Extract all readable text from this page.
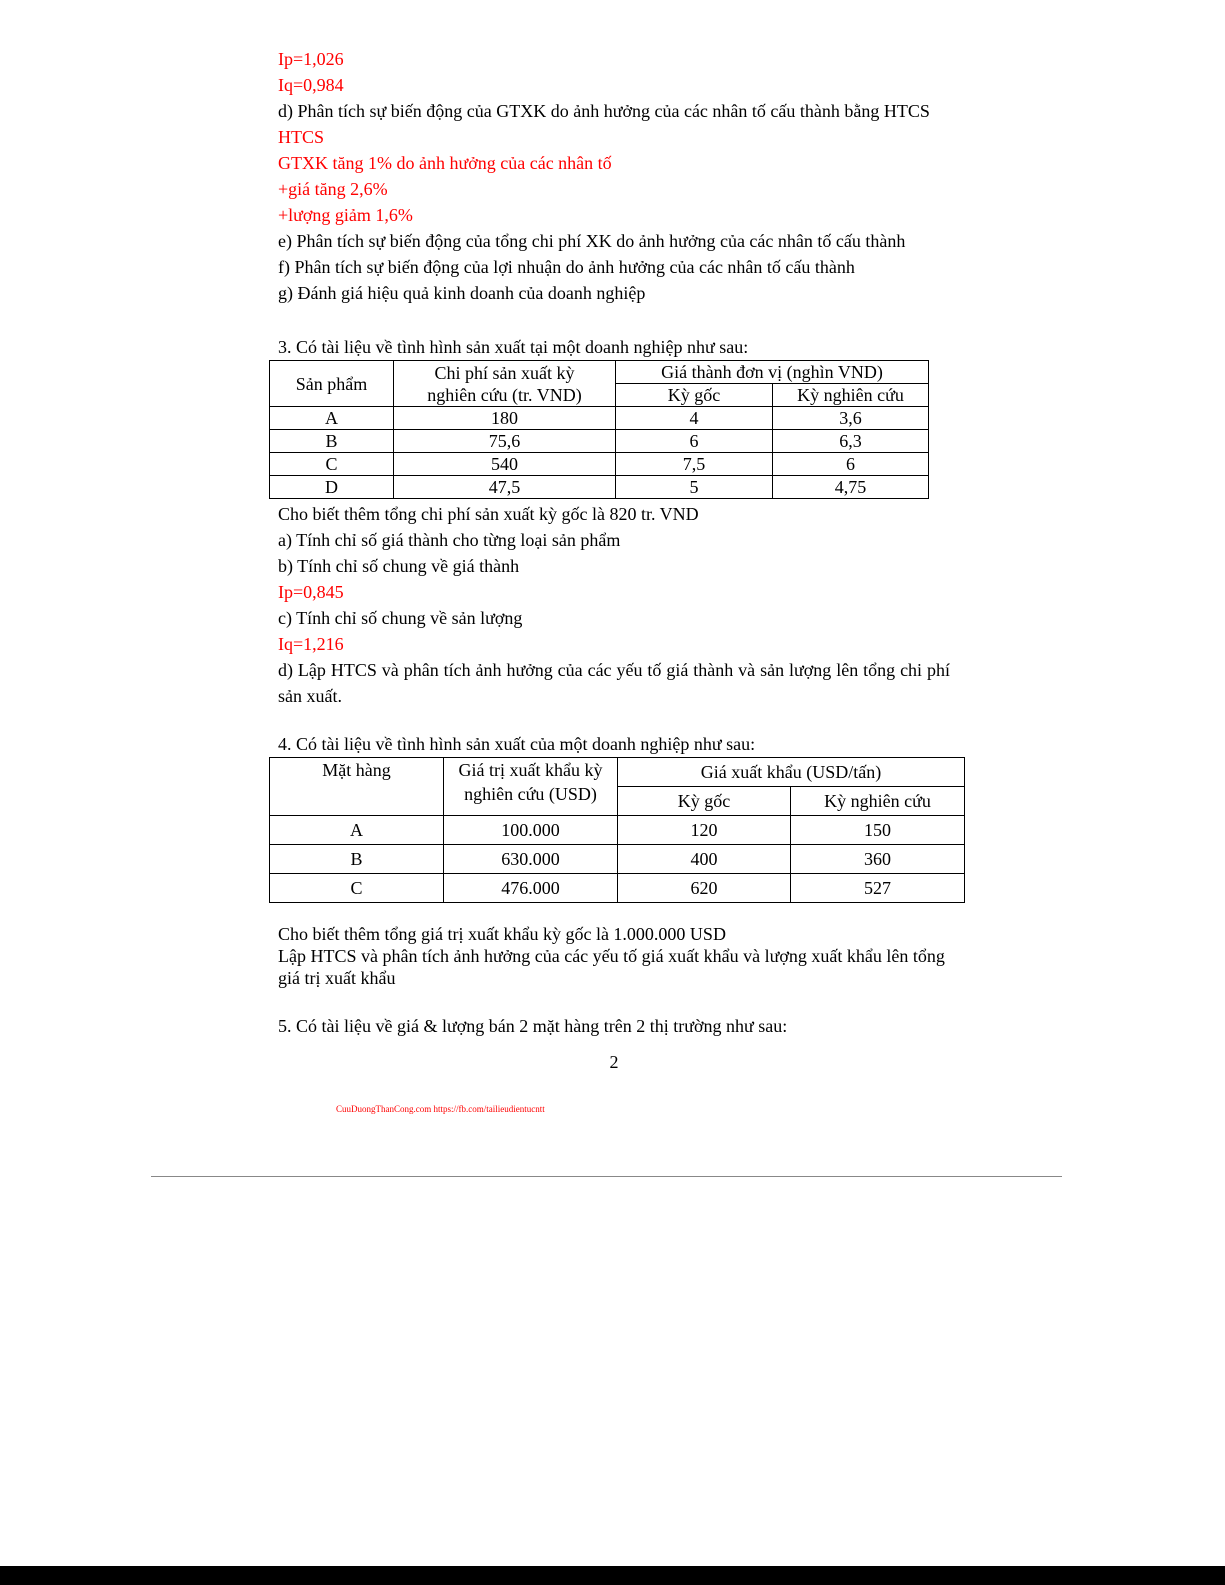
Ip=1,026
Iq=0,984
d) Phân tích sự biến động của GTXK do ảnh hưởng của các nhân tố cấu thành bằng HTCS
HTCS
GTXK tăng 1% do ảnh hưởng của các nhân tố
+giá tăng 2,6%
+lượng giảm 1,6%
e) Phân tích sự biến động của tổng chi phí XK do ảnh hưởng của các nhân tố cấu thành
f) Phân tích sự biến động của lợi nhuận do ảnh hưởng của các nhân tố cấu thành
g) Đánh giá hiệu quả kinh doanh của doanh nghiệp
3. Có tài liệu về tình hình sản xuất tại một doanh nghiệp như sau:
Sản phẩm	Chi phí sản xuất kỳ nghiên cứu (tr. VND)	Giá thành đơn vị (nghìn VND)	
		Kỳ gốc	Kỳ nghiên cứu
A	180	4	3,6
B	75,6	6	6,3
C	540	7,5	6
D	47,5	5	4,75
Cho biết thêm tổng chi phí sản xuất kỳ gốc là 820 tr. VND
a) Tính chỉ số giá thành cho từng loại sản phẩm
b) Tính chỉ số chung về giá thành
Ip=0,845
c) Tính chỉ số chung về sản lượng
Iq=1,216
d) Lập HTCS và phân tích ảnh hưởng của các yếu tố giá thành và sản lượng lên tổng chi phí sản xuất.
4. Có tài liệu về tình hình sản xuất của một doanh nghiệp như sau:
Mặt hàng	Giá trị xuất khẩu kỳ nghiên cứu (USD)	Giá xuất khẩu (USD/tấn)	
		Kỳ gốc	Kỳ nghiên cứu
A	100.000	120	150
B	630.000	400	360
C	476.000	620	527
Cho biết thêm tổng giá trị xuất khẩu kỳ gốc là 1.000.000 USD
Lập HTCS và phân tích ảnh hưởng của các yếu tố giá xuất khẩu và lượng xuất khẩu lên tổng giá trị xuất khẩu
5. Có tài liệu về giá & lượng bán 2 mặt hàng trên 2 thị trường như sau:
2
CuuDuongThanCong.com https://fb.com/tailieudientucntt
